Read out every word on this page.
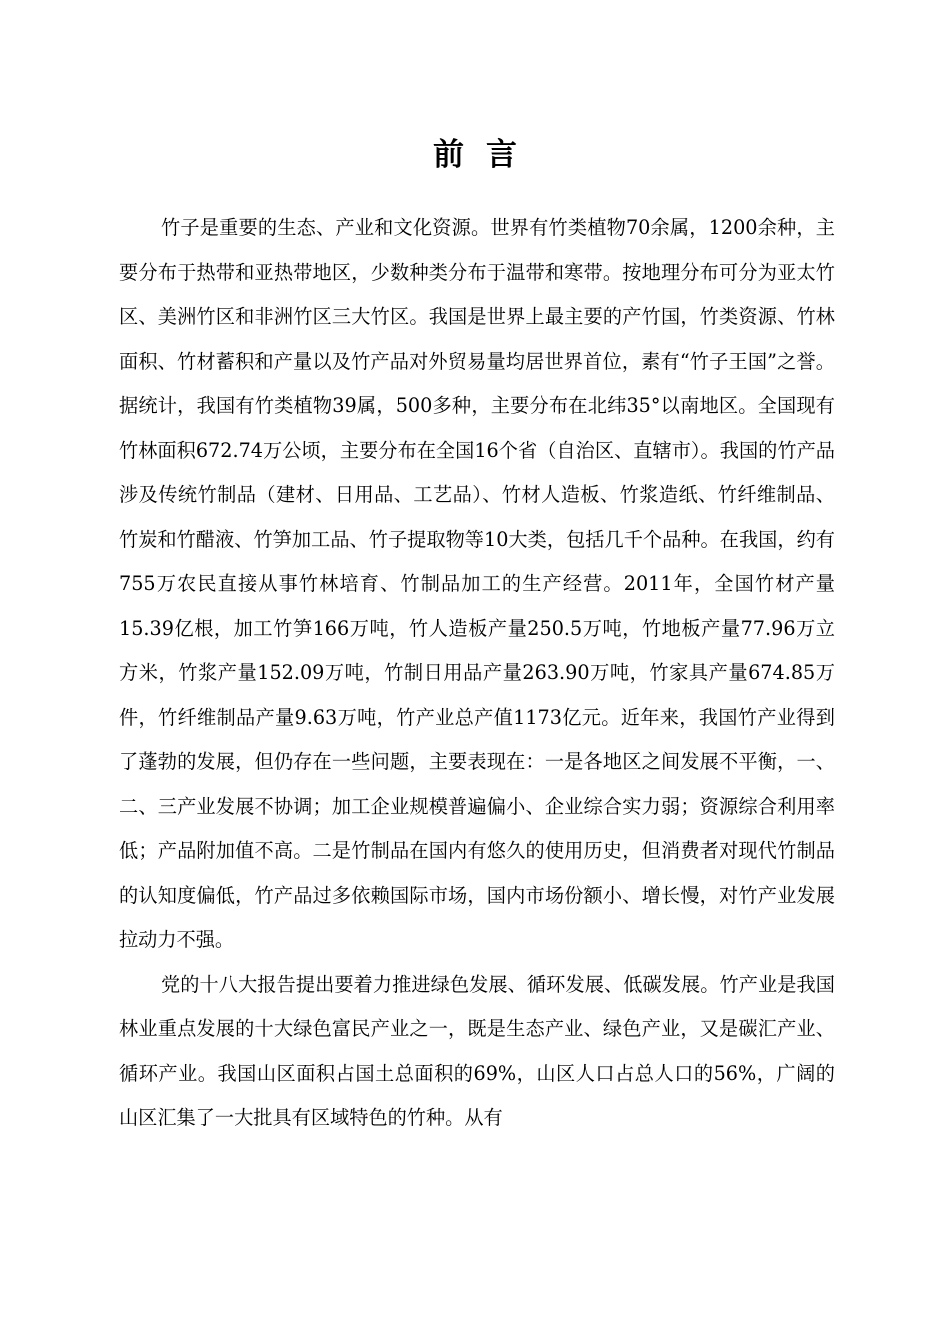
前言

竹子是重要的生态、产业和文化资源。世界有竹类植物70余属，1200余种，主要分布于热带和亚热带地区，少数种类分布于温带和寒带。按地理分布可分为亚太竹区、美洲竹区和非洲竹区三大竹区。我国是世界上最主要的产竹国，竹类资源、竹林面积、竹材蓄积和产量以及竹产品对外贸易量均居世界首位，素有“竹子王国”之誉。据统计，我国有竹类植物39属，500多种，主要分布在北纬35°以南地区。全国现有竹林面积672.74万公顷，主要分布在全国16个省（自治区、直辖市）。我国的竹产品涉及传统竹制品（建材、日用品、工艺品）、竹材人造板、竹浆造纸、竹纤维制品、竹炭和竹醋液、竹笋加工品、竹子提取物等10大类，包括几千个品种。在我国，约有755万农民直接从事竹林培育、竹制品加工的生产经营。2011年，全国竹材产量15.39亿根，加工竹笋166万吨，竹人造板产量250.5万吨，竹地板产量77.96万立方米，竹浆产量152.09万吨，竹制日用品产量263.90万吨，竹家具产量674.85万件，竹纤维制品产量9.63万吨，竹产业总产值1173亿元。近年来，我国竹产业得到了蓬勃的发展，但仍存在一些问题，主要表现在：一是各地区之间发展不平衡，一、二、三产业发展不协调；加工企业规模普遍偏小、企业综合实力弱；资源综合利用率低；产品附加值不高。二是竹制品在国内有悠久的使用历史，但消费者对现代竹制品的认知度偏低，竹产品过多依赖国际市场，国内市场份额小、增长慢，对竹产业发展拉动力不强。

党的十八大报告提出要着力推进绿色发展、循环发展、低碳发展。竹产业是我国林业重点发展的十大绿色富民产业之一，既是生态产业、绿色产业，又是碳汇产业、循环产业。我国山区面积占国土总面积的69%，山区人口占总人口的56%，广阔的山区汇集了一大批具有区域特色的竹种。从有
